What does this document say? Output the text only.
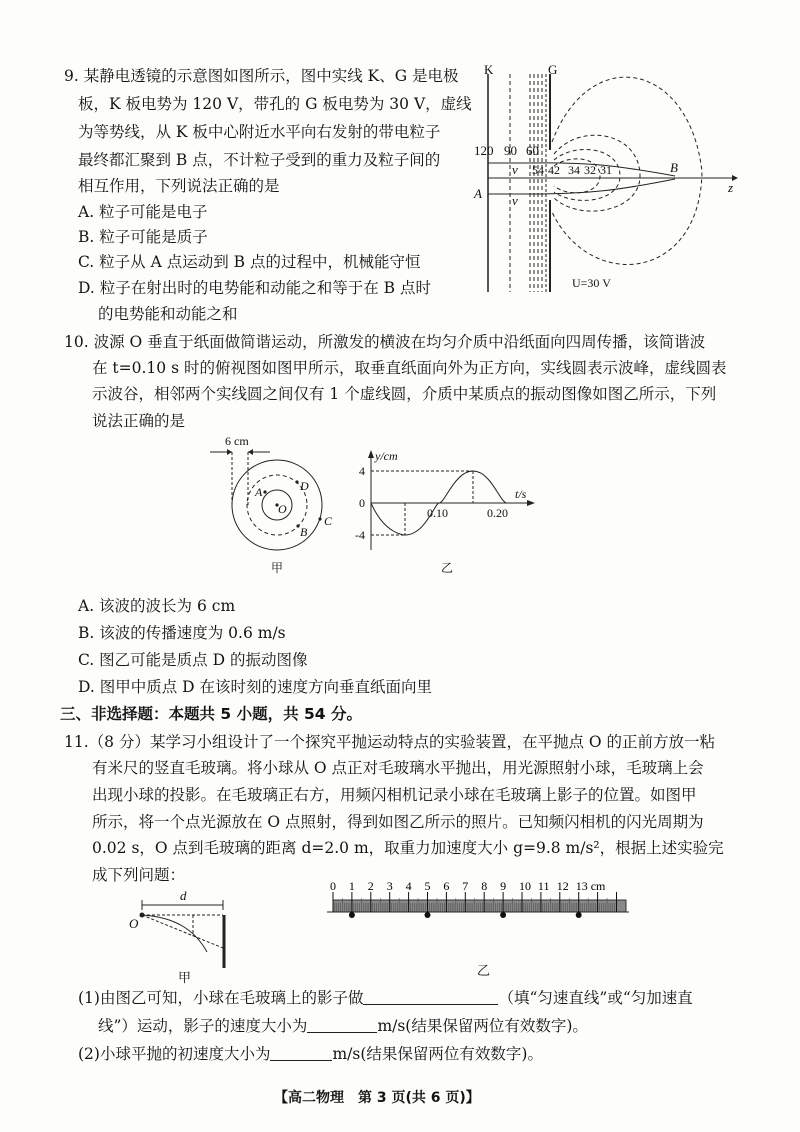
9. 某静电透镜的示意图如图所示，图中实线 K、G 是电极
板，K 板电势为 120 V，带孔的 G 板电势为 30 V，虚线
为等势线，从 K 板中心附近水平向右发射的带电粒子
最终都汇聚到 B 点，不计粒子受到的重力及粒子间的
相互作用，下列说法正确的是
A. 粒子可能是电子
B. 粒子可能是质子
C. 粒子从 A 点运动到 B 点的过程中，机械能守恒
D. 粒子在射出时的电势能和动能之和等于在 B 点时
的电势能和动能之和
K	G
120 90 60
54 42 34 32 31
v
v
A
B
z
U=30 V
10. 波源 O 垂直于纸面做简谐运动，所激发的横波在均匀介质中沿纸面向四周传播，该简谐波
在 t=0.10 s 时的俯视图如图甲所示，取垂直纸面向外为正方向，实线圆表示波峰，虚线圆表
示波谷，相邻两个实线圆之间仅有 1 个虚线圆，介质中某质点的振动图像如图乙所示，下列
说法正确的是
6 cm
A
O
D
B
C
甲
y/cm
t/s
4
0
-4
0.10	0.20
乙
A. 该波的波长为 6 cm
B. 该波的传播速度为 0.6 m/s
C. 图乙可能是质点 D 的振动图像
D. 图甲中质点 D 在该时刻的速度方向垂直纸面向里
三、非选择题：本题共 5 小题，共 54 分。
11.（8 分）某学习小组设计了一个探究平抛运动特点的实验装置，在平抛点 O 的正前方放一粘
有米尺的竖直毛玻璃。将小球从 O 点正对毛玻璃水平抛出，用光源照射小球，毛玻璃上会
出现小球的投影。在毛玻璃正右方，用频闪相机记录小球在毛玻璃上影子的位置。如图甲
所示，将一个点光源放在 O 点照射，得到如图乙所示的照片。已知频闪相机的闪光周期为
0.02 s，O 点到毛玻璃的距离 d=2.0 m，取重力加速度大小 g=9.8 m/s²，根据上述实验完
成下列问题：
d
O
甲
0 1 2 3 4 5 6 7 8 9 10 11 12 13 cm
乙
(1)由图乙可知，小球在毛玻璃上的影子做	（填“匀速直线”或“匀加速直
线”）运动，影子的速度大小为	m/s(结果保留两位有效数字)。
(2)小球平抛的初速度大小为	m/s(结果保留两位有效数字)。
【高二物理　第 3 页(共 6 页)】
